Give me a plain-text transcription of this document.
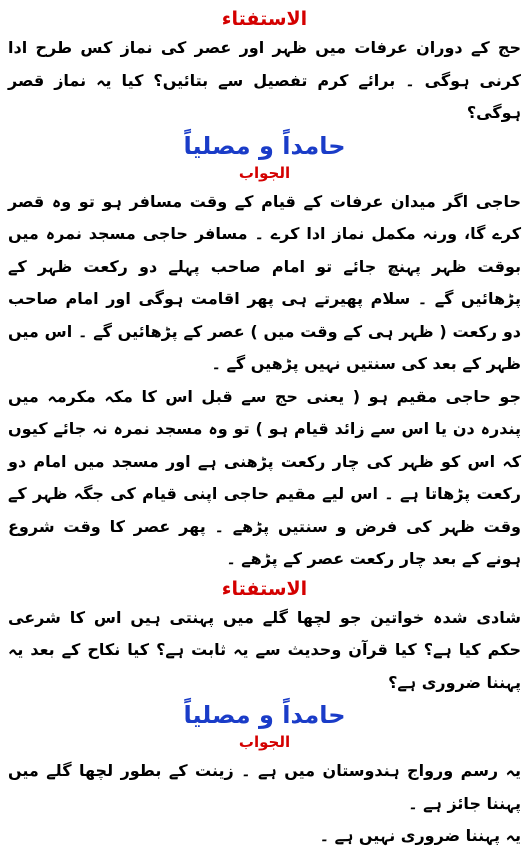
الاستفتاء

حج کے دوران عرفات میں ظہر اور عصر کی نماز کس طرح ادا کرنی ہوگی ۔ برائے کرم تفصیل سے بتائیں؟ کیا یہ نماز قصر ہوگی؟

حامداً و مصلیاً
الجواب

حاجی اگر میدان عرفات کے قیام کے وقت مسافر ہو تو وہ قصر کرے گا، ورنہ مکمل نماز ادا کرے ۔ مسافر حاجی مسجد نمرہ میں بوقت ظہر پہنچ جائے تو امام صاحب پہلے دو رکعت ظہر کے پڑھائیں گے ۔ سلام پھیرتے ہی پھر اقامت ہوگی اور امام صاحب دو رکعت ( ظہر ہی کے وقت میں ) عصر کے پڑھائیں گے ۔ اس میں ظہر کے بعد کی سنتیں نہیں پڑھیں گے ۔

جو حاجی مقیم ہو ( یعنی حج سے قبل اس کا مکہ مکرمہ میں پندرہ دن یا اس سے زائد قیام ہو ) تو وہ مسجد نمرہ نہ جائے کیوں کہ اس کو ظہر کی چار رکعت پڑھنی ہے اور مسجد میں امام دو رکعت پڑھاتا ہے ۔ اس لیے مقیم حاجی اپنی قیام کی جگہ ظہر کے وقت ظہر کی فرض و سنتیں پڑھے ۔ پھر عصر کا وقت شروع ہونے کے بعد چار رکعت عصر کے پڑھے ۔

الاستفتاء

شادی شدہ خواتین جو لچھا گلے میں پہنتی ہیں اس کا شرعی حکم کیا ہے؟ کیا قرآن وحدیث سے یہ ثابت ہے؟ کیا نکاح کے بعد یہ پہننا ضروری ہے؟

حامداً و مصلیاً
الجواب

یہ رسم ورواج ہندوستان میں ہے ۔ زینت کے بطور لچھا گلے میں پہننا جائز ہے ۔

یہ پہننا ضروری نہیں ہے ۔
